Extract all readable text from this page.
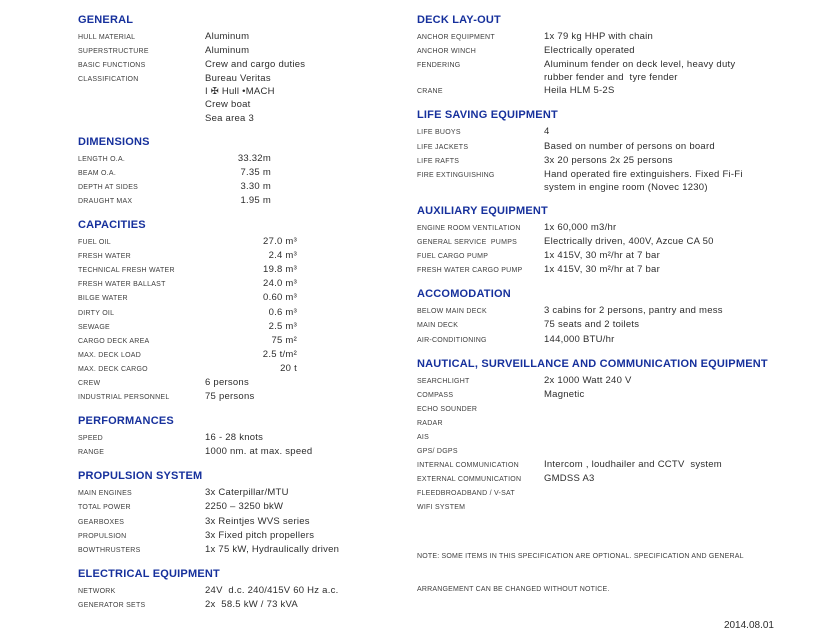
GENERAL
HULL MATERIAL	Aluminum
SUPERSTRUCTURE	Aluminum
BASIC FUNCTIONS	Crew and cargo duties
CLASSIFICATION	Bureau Veritas
I ✠ Hull •MACH
Crew boat
Sea area 3
DIMENSIONS
LENGTH O.A.	33.32m
BEAM O.A.	7.35 m
DEPTH AT SIDES	3.30 m
DRAUGHT MAX	1.95 m
CAPACITIES
FUEL OIL	27.0 m³
FRESH WATER	2.4 m³
TECHNICAL FRESH WATER	19.8 m³
FRESH WATER BALLAST	24.0 m³
BILGE WATER	0.60 m³
DIRTY OIL	0.6 m³
SEWAGE	2.5 m³
CARGO DECK AREA	75 m²
MAX. DECK LOAD	2.5 t/m²
MAX. DECK CARGO	20 t
CREW	6 persons
INDUSTRIAL PERSONNEL	75 persons
PERFORMANCES
SPEED	16 - 28 knots
RANGE	1000 nm. at max. speed
PROPULSION SYSTEM
MAIN ENGINES	3x Caterpillar/MTU
TOTAL POWER	2250 – 3250 bkW
GEARBOXES	3x Reintjes WVS series
PROPULSION	3x Fixed pitch propellers
BOWTHRUSTERS	1x 75 kW, Hydraulically driven
ELECTRICAL EQUIPMENT
NETWORK	24V  d.c. 240/415V 60 Hz a.c.
GENERATOR SETS	2x  58.5 kW / 73 kVA
DECK LAY-OUT
ANCHOR EQUIPMENT	1x 79 kg HHP with chain
ANCHOR WINCH	Electrically operated
FENDERING	Aluminum fender on deck level, heavy duty
rubber fender and  tyre fender
CRANE	Heila HLM 5-2S
LIFE SAVING EQUIPMENT
LIFE BUOYS	4
LIFE JACKETS	Based on number of persons on board
LIFE RAFTS	3x 20 persons 2x 25 persons
FIRE EXTINGUISHING	Hand operated fire extinguishers. Fixed Fi-Fi
system in engine room (Novec 1230)
AUXILIARY EQUIPMENT
ENGINE ROOM VENTILATION	1x 60,000 m3/hr
GENERAL SERVICE  PUMPS	Electrically driven, 400V, Azcue CA 50
FUEL CARGO PUMP	1x 415V, 30 m²/hr at 7 bar
FRESH WATER CARGO PUMP	1x 415V, 30 m²/hr at 7 bar
ACCOMODATION
BELOW MAIN DECK	3 cabins for 2 persons, pantry and mess
MAIN DECK	75 seats and 2 toilets
AIR-CONDITIONING	144,000 BTU/hr
NAUTICAL, SURVEILLANCE AND COMMUNICATION EQUIPMENT
SEARCHLIGHT	2x 1000 Watt 240 V
COMPASS	Magnetic
ECHO SOUNDER
RADAR
AIS
GPS/ DGPS
INTERNAL COMMUNICATION	Intercom , loudhailer and CCTV  system
EXTERNAL COMMUNICATION	GMDSS A3
FLEEDBROADBAND / V-SAT
WIFI SYSTEM

NOTE: SOME ITEMS IN THIS SPECIFICATION ARE OPTIONAL. SPECIFICATION AND GENERAL

ARRANGEMENT CAN BE CHANGED WITHOUT NOTICE.

2014.08.01
